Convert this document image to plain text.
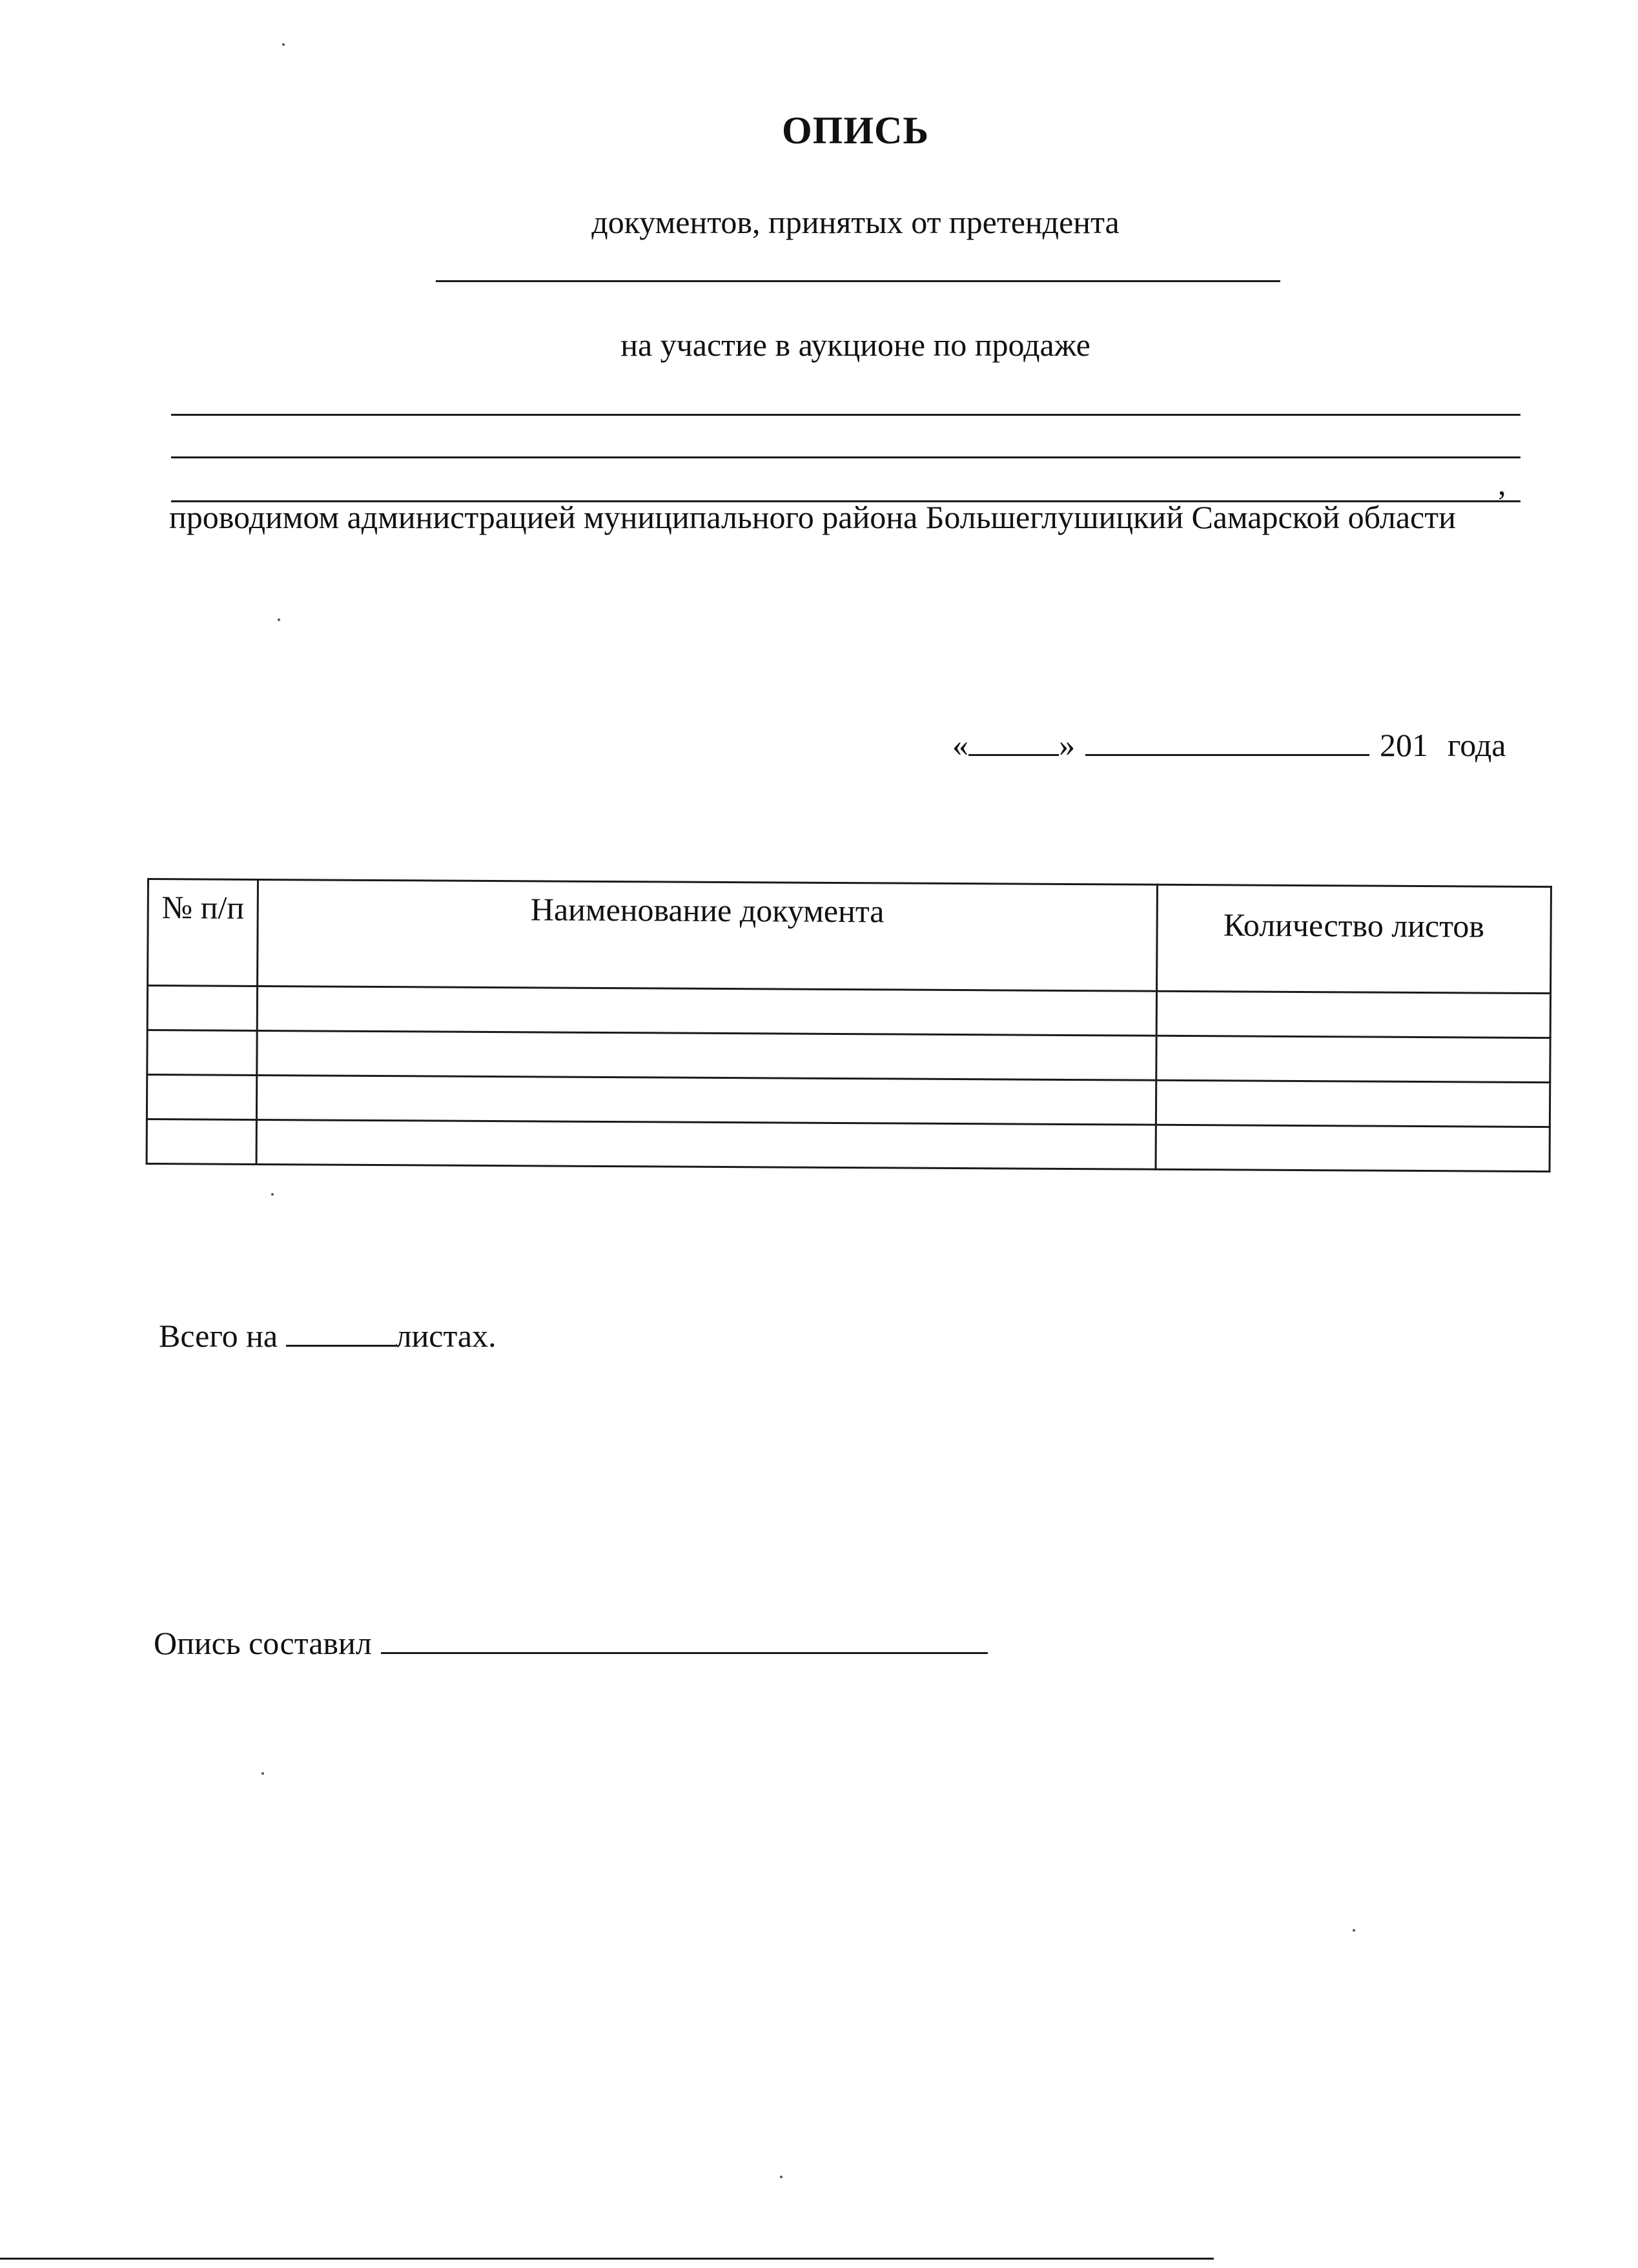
ОПИСЬ
документов, принятых от претендента
на участие в аукционе по продаже
,
проводимом администрацией муниципального района Большеглушицкий Самарской области
«	»	201 года
№ п/п	Наименование документа	Количество листов

Всего на	листах.
Опись составил
